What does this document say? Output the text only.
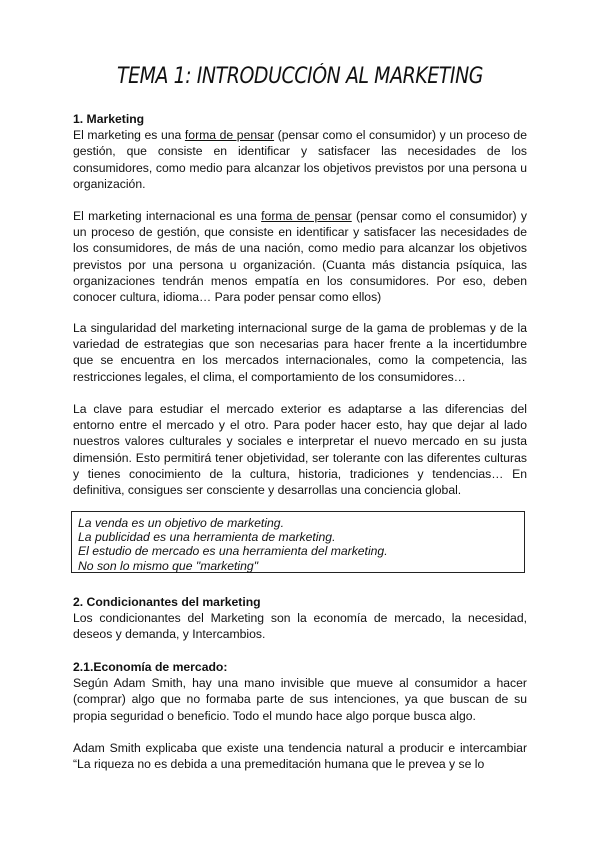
TEMA 1: INTRODUCCIÓN AL MARKETING

1. Marketing

El marketing es una forma de pensar (pensar como el consumidor) y un proceso de gestión, que consiste en identificar y satisfacer las necesidades de los consumidores, como medio para alcanzar los objetivos previstos por una persona u organización.

El marketing internacional es una forma de pensar (pensar como el consumidor) y un proceso de gestión, que consiste en identificar y satisfacer las necesidades de los consumidores, de más de una nación, como medio para alcanzar los objetivos previstos por una persona u organización. (Cuanta más distancia psíquica, las organizaciones tendrán menos empatía en los consumidores. Por eso, deben conocer cultura, idioma… Para poder pensar como ellos)

La singularidad del marketing internacional surge de la gama de problemas y de la variedad de estrategias que son necesarias para hacer frente a la incertidumbre que se encuentra en los mercados internacionales, como la competencia, las restricciones legales, el clima, el comportamiento de los consumidores…

La clave para estudiar el mercado exterior es adaptarse a las diferencias del entorno entre el mercado y el otro. Para poder hacer esto, hay que dejar al lado nuestros valores culturales y sociales e interpretar el nuevo mercado en su justa dimensión. Esto permitirá tener objetividad, ser tolerante con las diferentes culturas y tienes conocimiento de la cultura, historia, tradiciones y tendencias… En definitiva, consigues ser consciente y desarrollas una conciencia global.

La venda es un objetivo de marketing.
La publicidad es una herramienta de marketing.
El estudio de mercado es una herramienta del marketing.
No son lo mismo que "marketing"

2. Condicionantes del marketing

Los condicionantes del Marketing son la economía de mercado, la necesidad, deseos y demanda, y Intercambios.

2.1.Economía de mercado:

Según Adam Smith, hay una mano invisible que mueve al consumidor a hacer (comprar) algo que no formaba parte de sus intenciones, ya que buscan de su propia seguridad o beneficio. Todo el mundo hace algo porque busca algo.

Adam Smith explicaba que existe una tendencia natural a producir e intercambiar “La riqueza no es debida a una premeditación humana que le prevea y se lo
